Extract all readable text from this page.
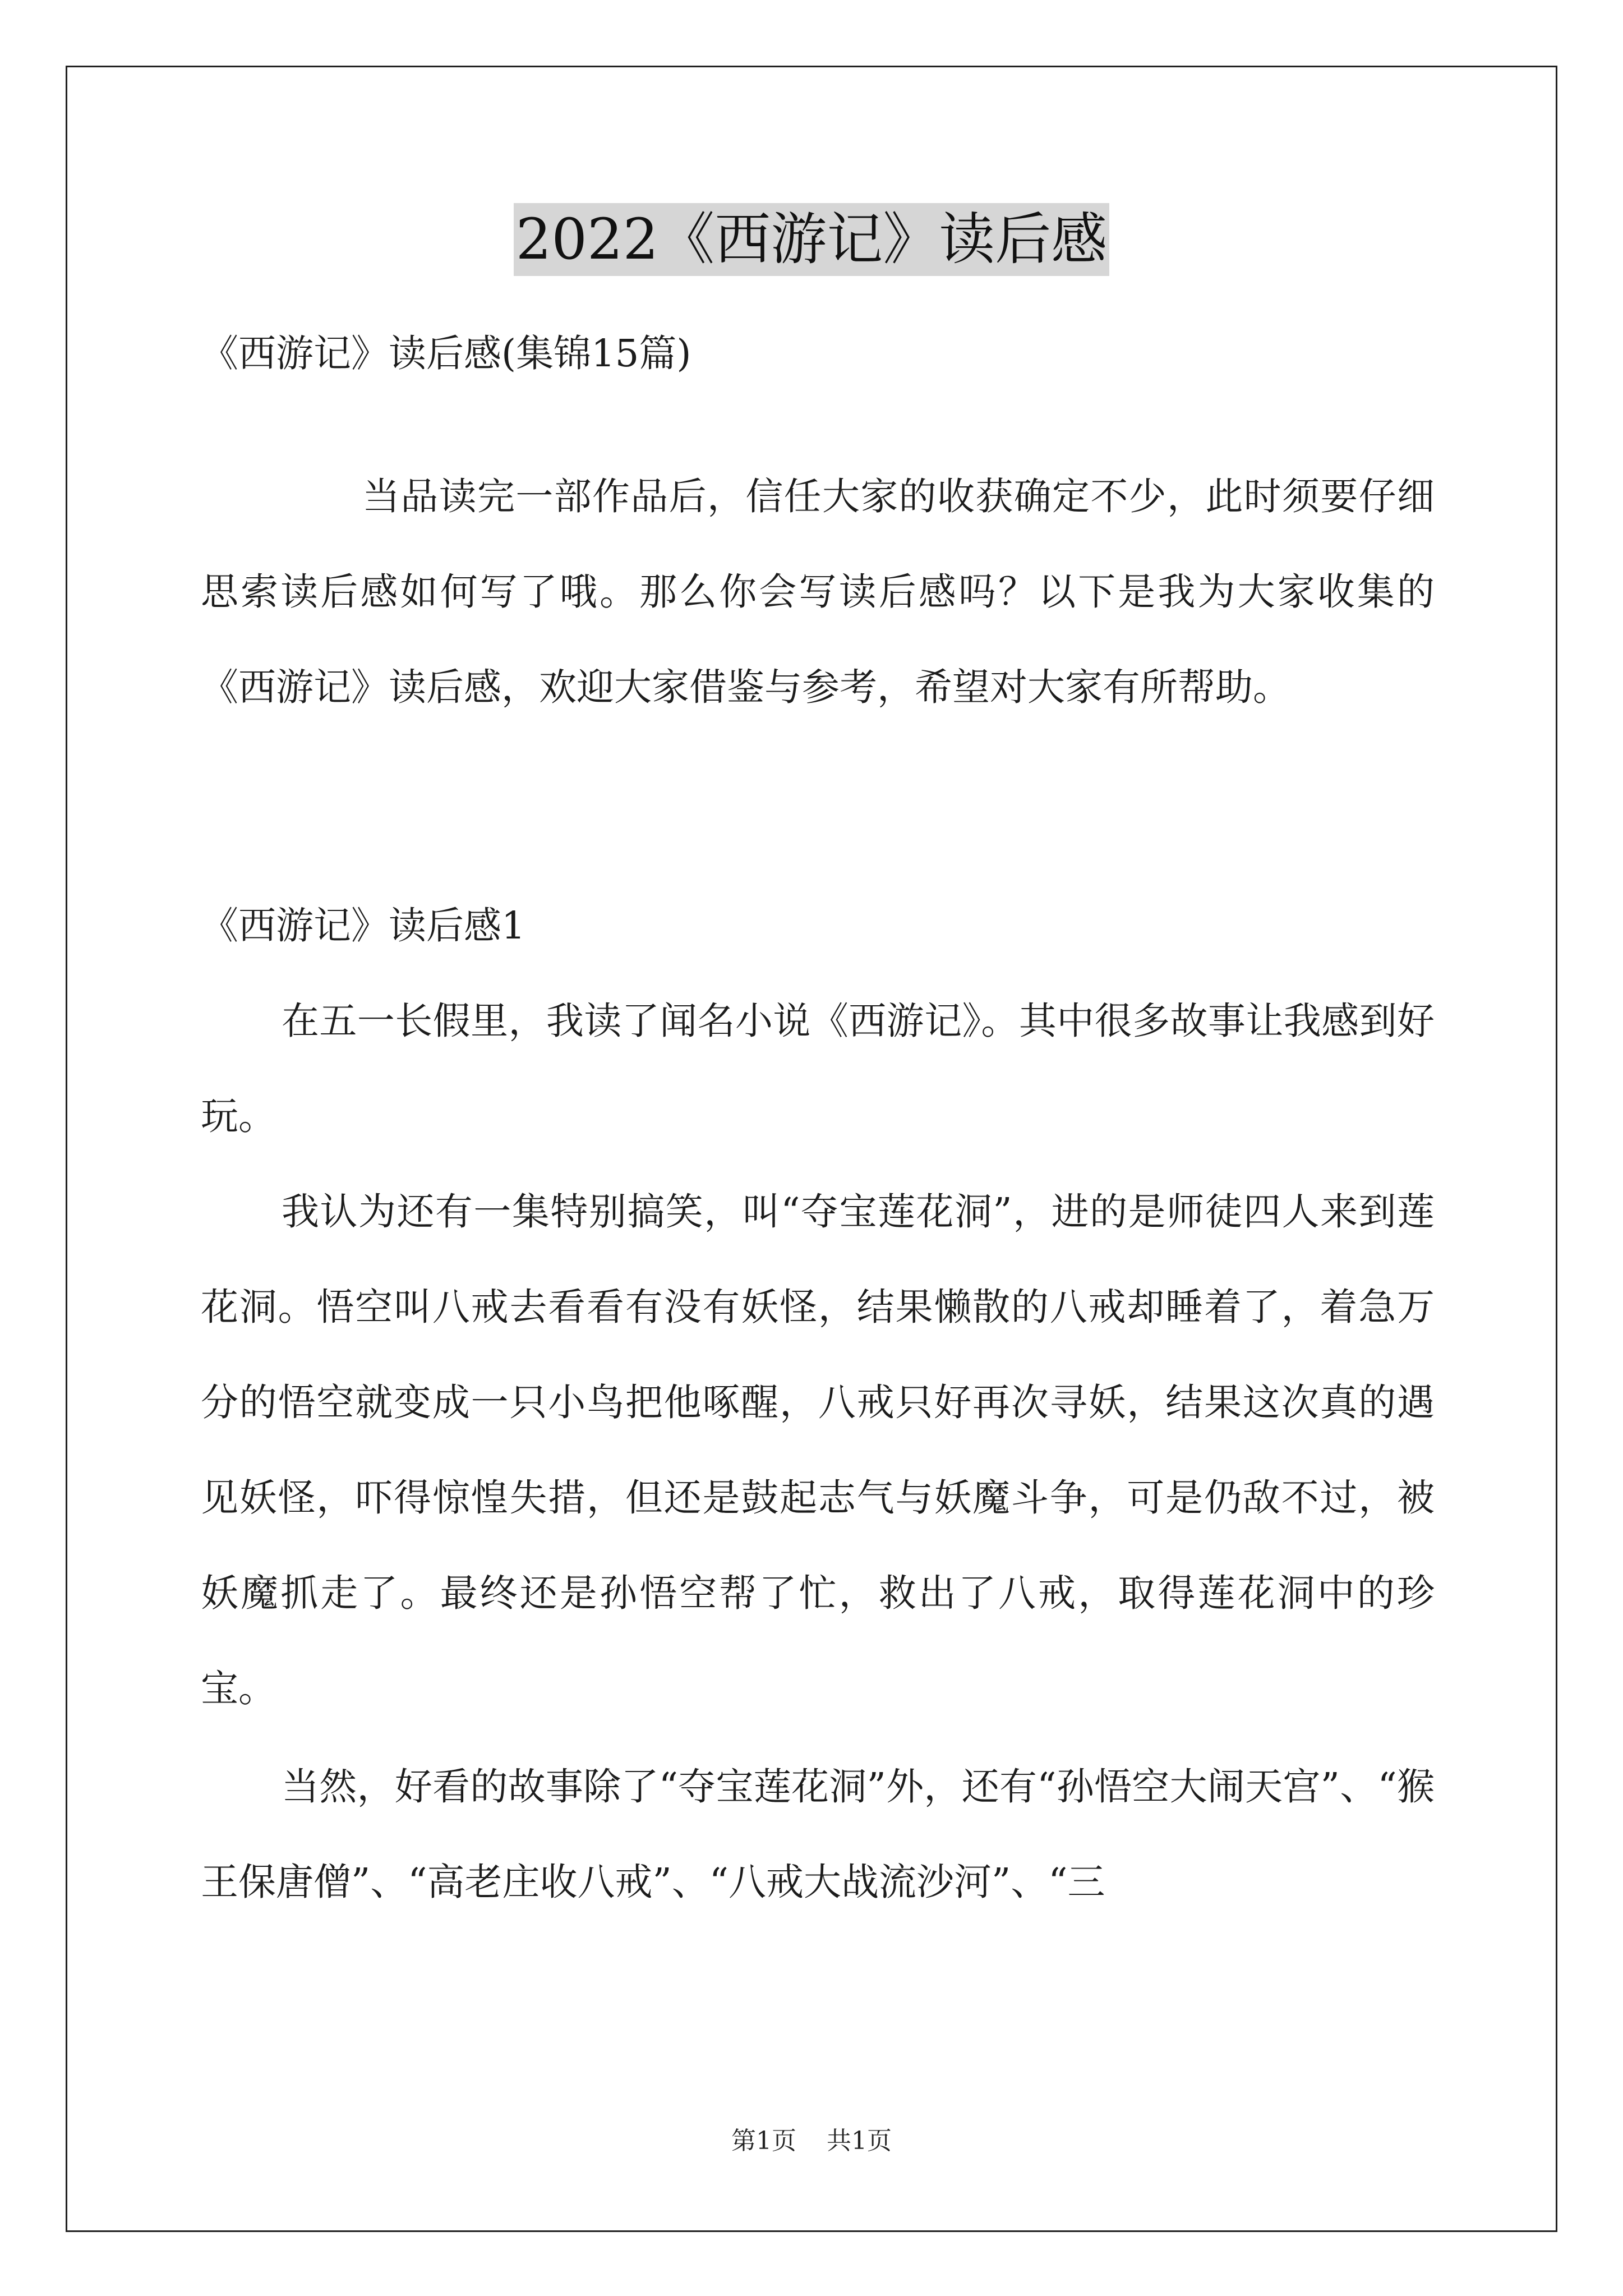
2022《西游记》读后感
《西游记》读后感(集锦15篇)
当品读完一部作品后，信任大家的收获确定不少，此时须要仔细思索读后感如何写了哦。那么你会写读后感吗？以下是我为大家收集的《西游记》读后感，欢迎大家借鉴与参考，希望对大家有所帮助。
《西游记》读后感1
在五一长假里，我读了闻名小说《西游记》。其中很多故事让我感到好玩。
我认为还有一集特别搞笑，叫“夺宝莲花洞”，进的是师徒四人来到莲花洞。悟空叫八戒去看看有没有妖怪，结果懒散的八戒却睡着了，着急万分的悟空就变成一只小鸟把他啄醒，八戒只好再次寻妖，结果这次真的遇见妖怪，吓得惊惶失措，但还是鼓起志气与妖魔斗争，可是仍敌不过，被妖魔抓走了。最终还是孙悟空帮了忙，救出了八戒，取得莲花洞中的珍宝。
当然，好看的故事除了“夺宝莲花洞”外，还有“孙悟空大闹天宫”、“猴王保唐僧”、“高老庄收八戒”、“八戒大战流沙河”、“三
第1页 共1页
